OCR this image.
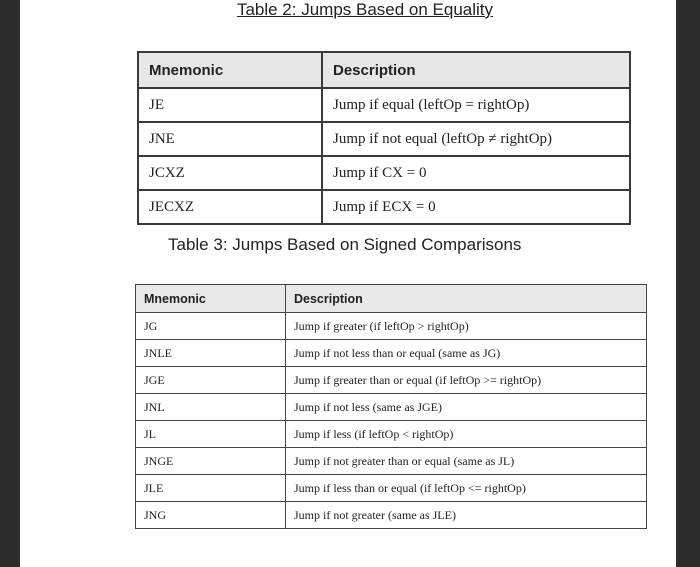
Table 2: Jumps Based on Equality
Mnemonic	Description
JE	Jump if equal (leftOp = rightOp)
JNE	Jump if not equal (leftOp ≠ rightOp)
JCXZ	Jump if CX = 0
JECXZ	Jump if ECX = 0
Table 3: Jumps Based on Signed Comparisons
Mnemonic	Description
JG	Jump if greater (if leftOp > rightOp)
JNLE	Jump if not less than or equal (same as JG)
JGE	Jump if greater than or equal (if leftOp >= rightOp)
JNL	Jump if not less (same as JGE)
JL	Jump if less (if leftOp < rightOp)
JNGE	Jump if not greater than or equal (same as JL)
JLE	Jump if less than or equal (if leftOp <= rightOp)
JNG	Jump if not greater (same as JLE)
